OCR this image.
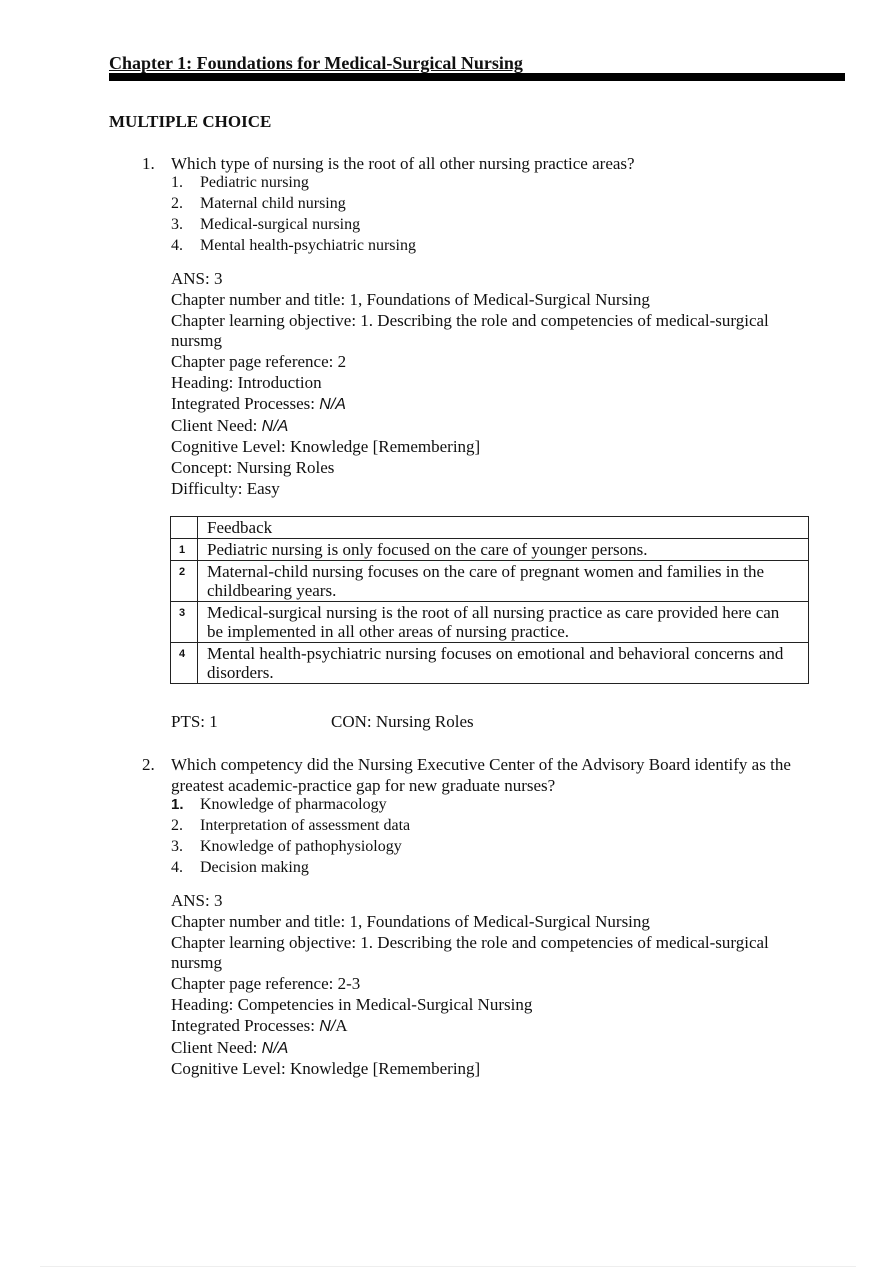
Chapter 1: Foundations for Medical-Surgical Nursing
MULTIPLE CHOICE
1. Which type of nursing is the root of all other nursing practice areas?
1. Pediatric nursing
2. Maternal child nursing
3. Medical-surgical nursing
4. Mental health-psychiatric nursing
ANS: 3
Chapter number and title: 1, Foundations of Medical-Surgical Nursing
Chapter learning objective: 1. Describing the role and competencies of medical-surgical nursmg
Chapter page reference: 2
Heading: Introduction
Integrated Processes: N/A
Client Need: N/A
Cognitive Level: Knowledge [Remembering]
Concept: Nursing Roles
Difficulty: Easy
	Feedback
1	Pediatric nursing is only focused on the care of younger persons.
2	Maternal-child nursing focuses on the care of pregnant women and families in the childbearing years.
3	Medical-surgical nursing is the root of all nursing practice as care provided here can be implemented in all other areas of nursing practice.
4	Mental health-psychiatric nursing focuses on emotional and behavioral concerns and disorders.
PTS: 1	CON: Nursing Roles
2. Which competency did the Nursing Executive Center of the Advisory Board identify as the greatest academic-practice gap for new graduate nurses?
1. Knowledge of pharmacology
2. Interpretation of assessment data
3. Knowledge of pathophysiology
4. Decision making
ANS: 3
Chapter number and title: 1, Foundations of Medical-Surgical Nursing
Chapter learning objective: 1. Describing the role and competencies of medical-surgical nursmg
Chapter page reference: 2-3
Heading: Competencies in Medical-Surgical Nursing
Integrated Processes: N/A
Client Need: N/A
Cognitive Level: Knowledge [Remembering]
